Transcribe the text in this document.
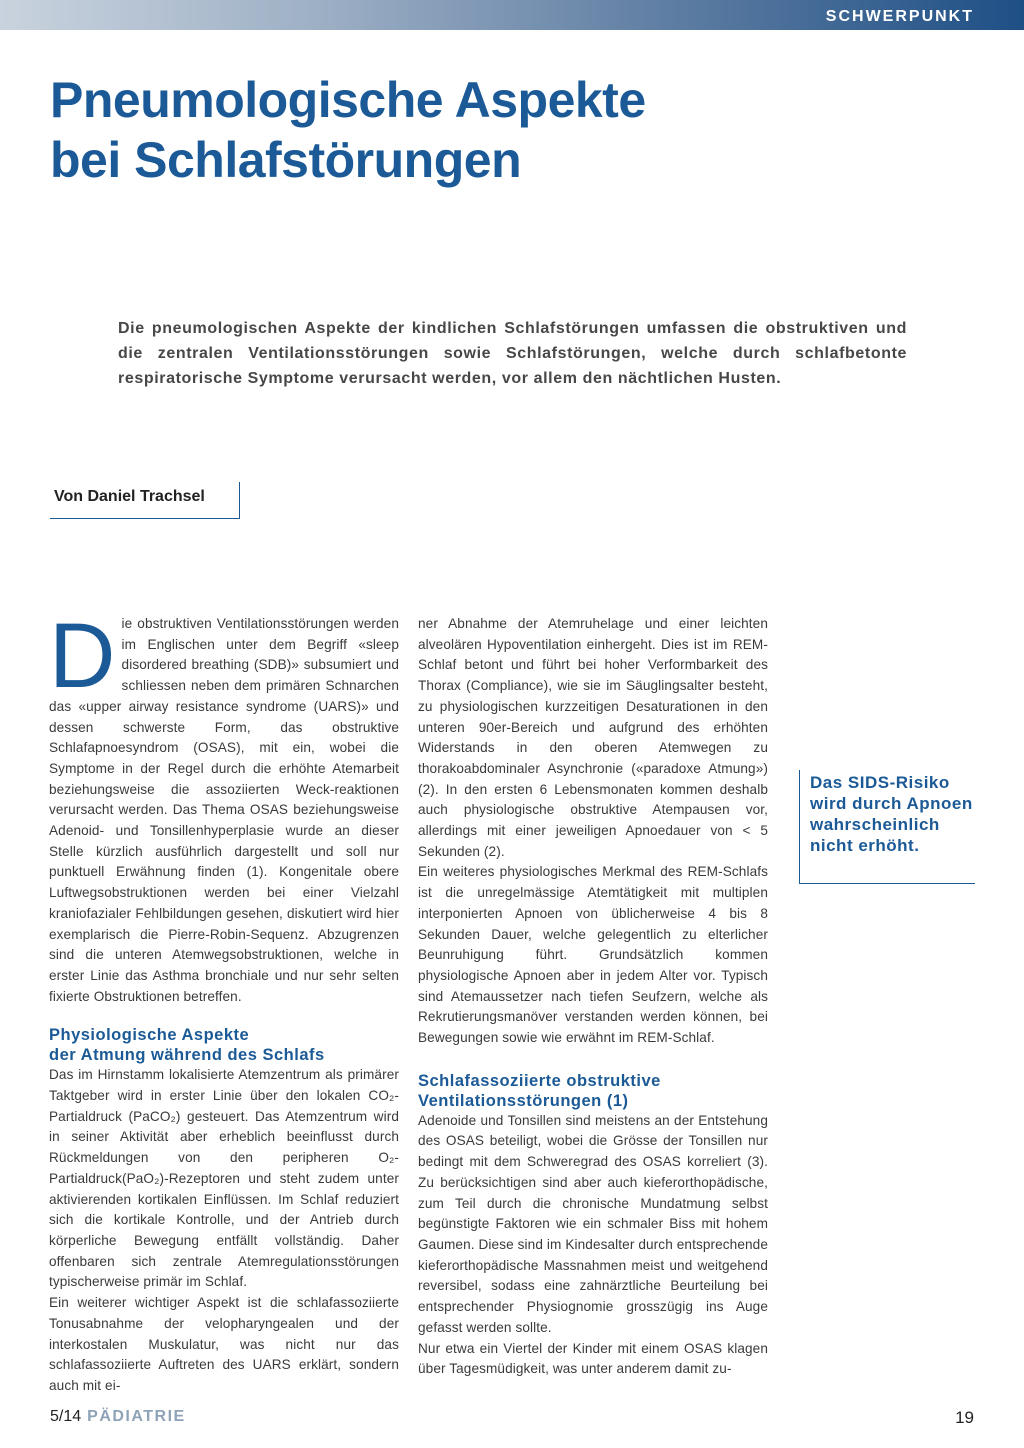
SCHWERPUNKT
Pneumologische Aspekte
bei Schlafstörungen

Die pneumologischen Aspekte der kindlichen Schlafstörungen umfassen die obstruktiven und die zentralen Ventilationsstörungen sowie Schlafstörungen, welche durch schlafbetonte respiratorische Symptome verursacht werden, vor allem den nächtlichen Husten.

Von Daniel Trachsel

Die obstruktiven Ventilationsstörungen werden im Englischen unter dem Begriff «sleep disordered breathing (SDB)» subsumiert und schliessen neben dem primären Schnarchen das «upper airway resistance syndrome (UARS)» und dessen schwerste Form, das obstruktive Schlafapnoesyndrom (OSAS), mit ein, wobei die Symptome in der Regel durch die erhöhte Atemarbeit beziehungsweise die assoziierten Weck-reaktionen verursacht werden. Das Thema OSAS beziehungsweise Adenoid- und Tonsillenhyperplasie wurde an dieser Stelle kürzlich ausführlich dargestellt und soll nur punktuell Erwähnung finden (1). Kongenitale obere Luftwegsobstruktionen werden bei einer Vielzahl kraniofazialer Fehlbildungen gesehen, diskutiert wird hier exemplarisch die Pierre-Robin-Sequenz. Abzugrenzen sind die unteren Atemwegsobstruktionen, welche in erster Linie das Asthma bronchiale und nur sehr selten fixierte Obstruktionen betreffen.

Physiologische Aspekte
der Atmung während des Schlafs

Das im Hirnstamm lokalisierte Atemzentrum als primärer Taktgeber wird in erster Linie über den lokalen CO₂-Partialdruck (PaCO₂) gesteuert. Das Atemzentrum wird in seiner Aktivität aber erheblich beeinflusst durch Rückmeldungen von den peripheren O₂-Partialdruck(PaO₂)-Rezeptoren und steht zudem unter aktivierenden kortikalen Einflüssen. Im Schlaf reduziert sich die kortikale Kontrolle, und der Antrieb durch körperliche Bewegung entfällt vollständig. Daher offenbaren sich zentrale Atemregulationsstörungen typischerweise primär im Schlaf.

Ein weiterer wichtiger Aspekt ist die schlafassoziierte Tonusabnahme der velopharyngealen und der interkostalen Muskulatur, was nicht nur das schlafassoziierte Auftreten des UARS erklärt, sondern auch mit ei-

ner Abnahme der Atemruhelage und einer leichten alveolären Hypoventilation einhergeht. Dies ist im REM-Schlaf betont und führt bei hoher Verformbarkeit des Thorax (Compliance), wie sie im Säuglingsalter besteht, zu physiologischen kurzzeitigen Desaturationen in den unteren 90er-Bereich und aufgrund des erhöhten Widerstands in den oberen Atemwegen zu thorakoabdominaler Asynchronie («paradoxe Atmung») (2). In den ersten 6 Lebensmonaten kommen deshalb auch physiologische obstruktive Atempausen vor, allerdings mit einer jeweiligen Apnoedauer von < 5 Sekunden (2).

Ein weiteres physiologisches Merkmal des REM-Schlafs ist die unregelmässige Atemtätigkeit mit multiplen interponierten Apnoen von üblicherweise 4 bis 8 Sekunden Dauer, welche gelegentlich zu elterlicher Beunruhigung führt. Grundsätzlich kommen physiologische Apnoen aber in jedem Alter vor. Typisch sind Atemaussetzer nach tiefen Seufzern, welche als Rekrutierungsmanöver verstanden werden können, bei Bewegungen sowie wie erwähnt im REM-Schlaf.

Schlafassoziierte obstruktive
Ventilationsstörungen (1)

Adenoide und Tonsillen sind meistens an der Entstehung des OSAS beteiligt, wobei die Grösse der Tonsillen nur bedingt mit dem Schweregrad des OSAS korreliert (3). Zu berücksichtigen sind aber auch kieferorthopädische, zum Teil durch die chronische Mundatmung selbst begünstigte Faktoren wie ein schmaler Biss mit hohem Gaumen. Diese sind im Kindesalter durch entsprechende kieferorthopädische Massnahmen meist und weitgehend reversibel, sodass eine zahnärztliche Beurteilung bei entsprechender Physiognomie grosszügig ins Auge gefasst werden sollte.

Nur etwa ein Viertel der Kinder mit einem OSAS klagen über Tagesmüdigkeit, was unter anderem damit zu-

Das SIDS-Risiko wird durch Apnoen wahrscheinlich nicht erhöht.

5/14 PÄDIATRIE	19
